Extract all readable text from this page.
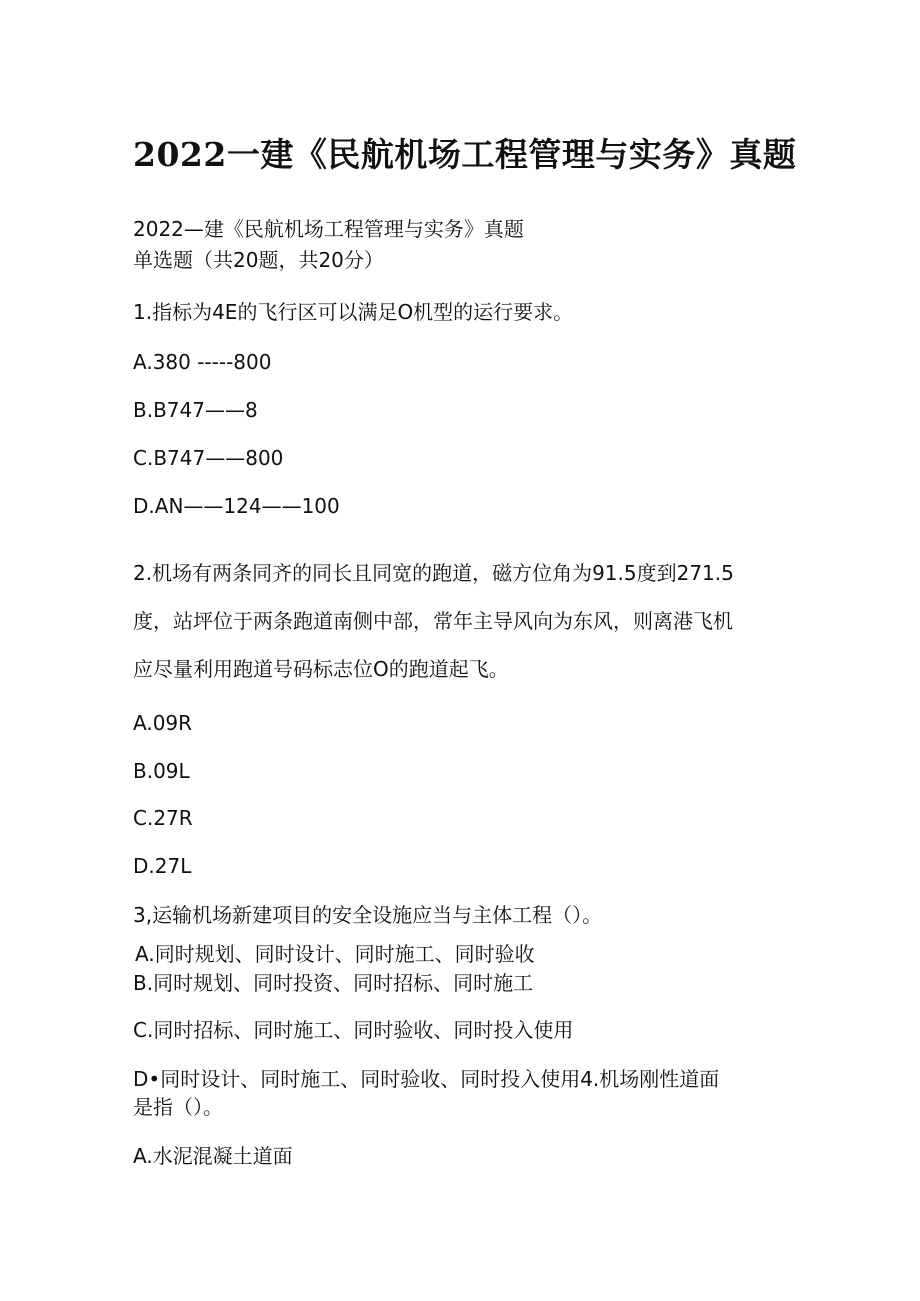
2022一建《民航机场工程管理与实务》真题

2022—建《民航机场工程管理与实务》真题

单选题（共20题，共20分）

1.指标为4E的飞行区可以满足O机型的运行要求。

A.380 -----800

B.B747——8

C.B747——800

D.AN——124——100

2.机场有两条同齐的同长且同宽的跑道，磁方位角为91.5度到271.5

度，站坪位于两条跑道南侧中部，常年主导风向为东风，则离港飞机

应尽量利用跑道号码标志位O的跑道起飞。

A.09R

B.09L

C.27R

D.27L

3,运输机场新建项目的安全设施应当与主体工程（）。

A.同时规划、同时设计、同时施工、同时验收

B.同时规划、同时投资、同时招标、同时施工

C.同时招标、同时施工、同时验收、同时投入使用

D•同时设计、同时施工、同时验收、同时投入使用4.机场刚性道面

是指（）。

A.水泥混凝土道面
